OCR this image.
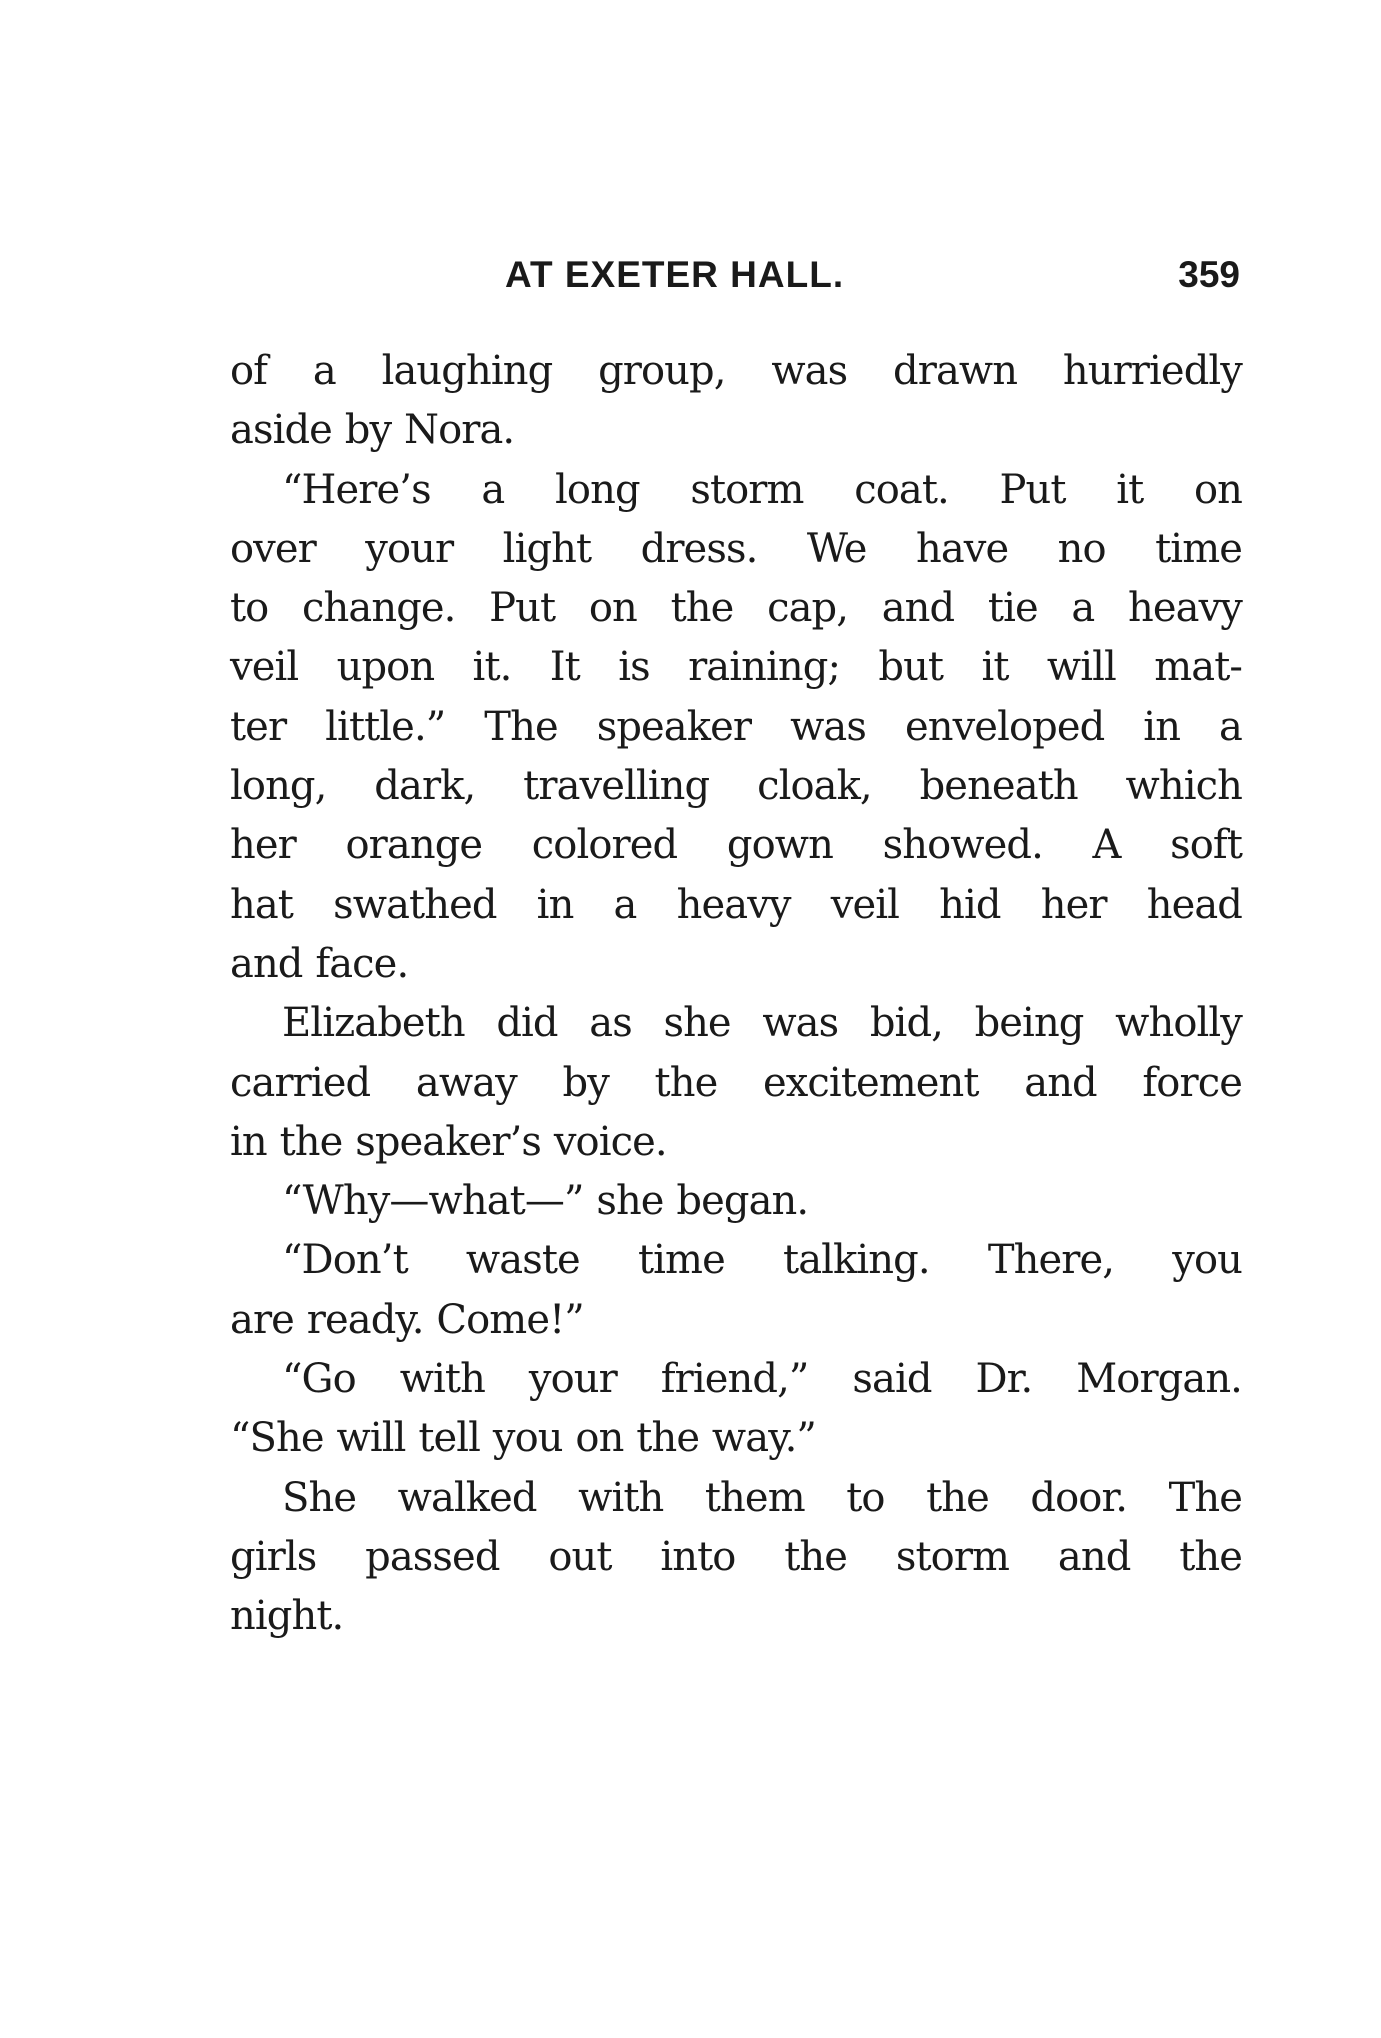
AT EXETER HALL.	359
of a laughing group, was drawn hurriedly
aside by Nora.
“Here’s a long storm coat. Put it on
over your light dress. We have no time
to change. Put on the cap, and tie a heavy
veil upon it. It is raining; but it will mat-
ter little.” The speaker was enveloped in a
long, dark, travelling cloak, beneath which
her orange colored gown showed. A soft
hat swathed in a heavy veil hid her head
and face.
Elizabeth did as she was bid, being wholly
carried away by the excitement and force
in the speaker’s voice.
“Why—what—” she began.
“Don’t waste time talking. There, you
are ready. Come!”
“Go with your friend,” said Dr. Morgan.
“She will tell you on the way.”
She walked with them to the door. The
girls passed out into the storm and the
night.
